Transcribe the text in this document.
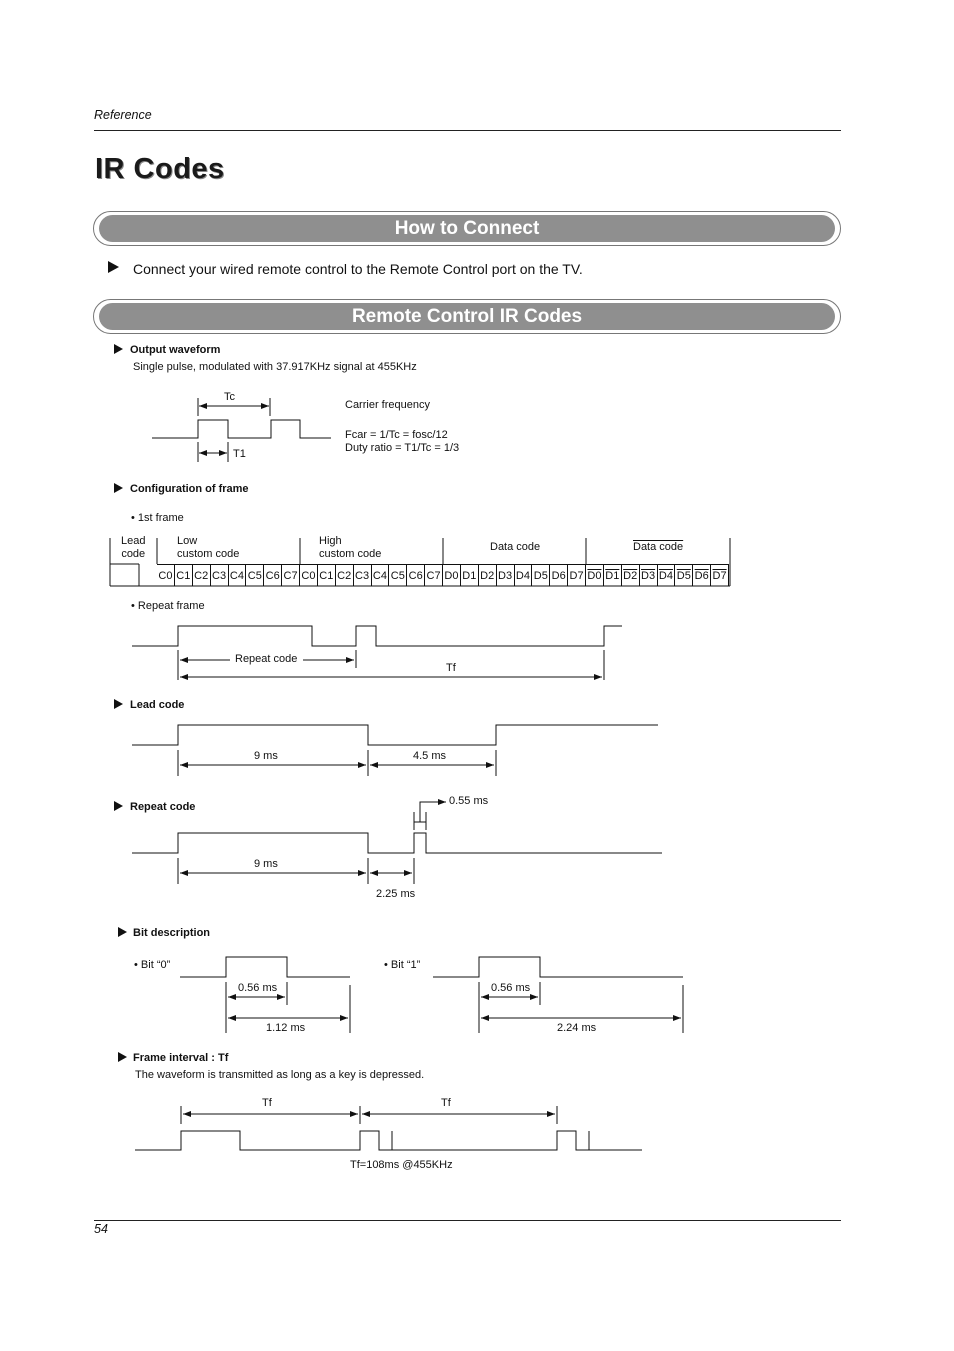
Reference
IR Codes
How to Connect
Connect your wired remote control to the Remote Control port on the TV.
Remote Control IR Codes
Output waveform
Single pulse, modulated with 37.917KHz signal at 455KHz
Tc
T1
Carrier frequency
Fcar = 1/Tc = fosc/12
Duty ratio = T1/Tc = 1/3
Repeat code
Tf
9 ms	4.5 ms
9 ms
2.25 ms
0.55 ms
0.56 ms
1.12 ms
0.56 ms
2.24 ms
Tf	Tf
Tf=108ms @455KHz
Configuration of frame
• 1st frame
Lead
code
Low
custom code
High
custom code
Data code	Data code
C0 C1 C2 C3 C4 C5 C6 C7 C0 C1 C2 C3 C4 C5 C6 C7 D0 D1 D2 D3 D4 D5 D6 D7 D0 D1 D2 D3 D4 D5 D6 D7
• Repeat frame
Lead code
Repeat code
Bit description
• Bit “0”	• Bit “1”
Frame interval : Tf
The waveform is transmitted as long as a key is depressed.
54
